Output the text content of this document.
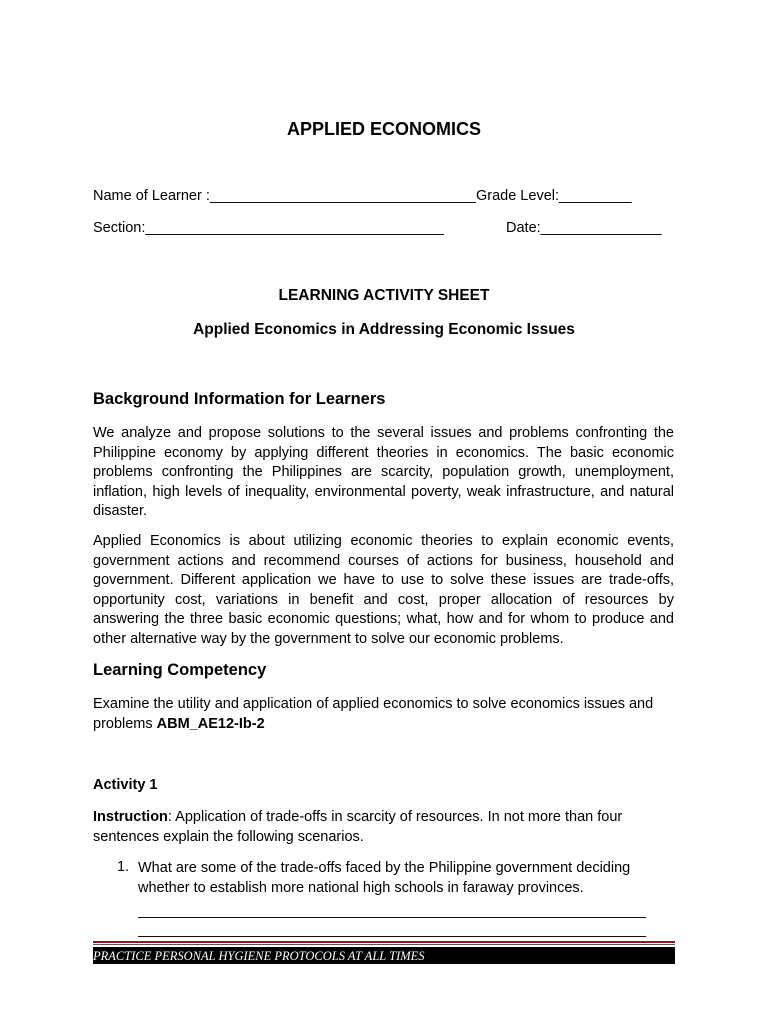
APPLIED ECONOMICS
Name of Learner :_________________________________Grade Level:_________
Section:_____________________________________	Date:_______________
LEARNING ACTIVITY SHEET
Applied Economics in Addressing Economic Issues
Background Information for Learners
We analyze and propose solutions to the several issues and problems confronting the Philippine economy by applying different theories in economics. The basic economic problems confronting the Philippines are scarcity, population growth, unemployment, inflation, high levels of inequality, environmental poverty, weak infrastructure, and natural disaster.
Applied Economics is about utilizing economic theories to explain economic events, government actions and recommend courses of actions for business, household and government. Different application we have to use to solve these issues are trade-offs, opportunity cost, variations in benefit and cost, proper allocation of resources by answering the three basic economic questions; what, how and for whom to produce and other alternative way by the government to solve our economic problems.
Learning Competency
Examine the utility and application of applied economics to solve economics issues and problems ABM_AE12-Ib-2
Activity 1
Instruction: Application of trade-offs in scarcity of resources. In not more than four sentences explain the following scenarios.
1. What are some of the trade-offs faced by the Philippine government deciding whether to establish more national high schools in faraway provinces.
_______________________________________________________________
_______________________________________________________________
PRACTICE PERSONAL HYGIENE PROTOCOLS AT ALL TIMES
